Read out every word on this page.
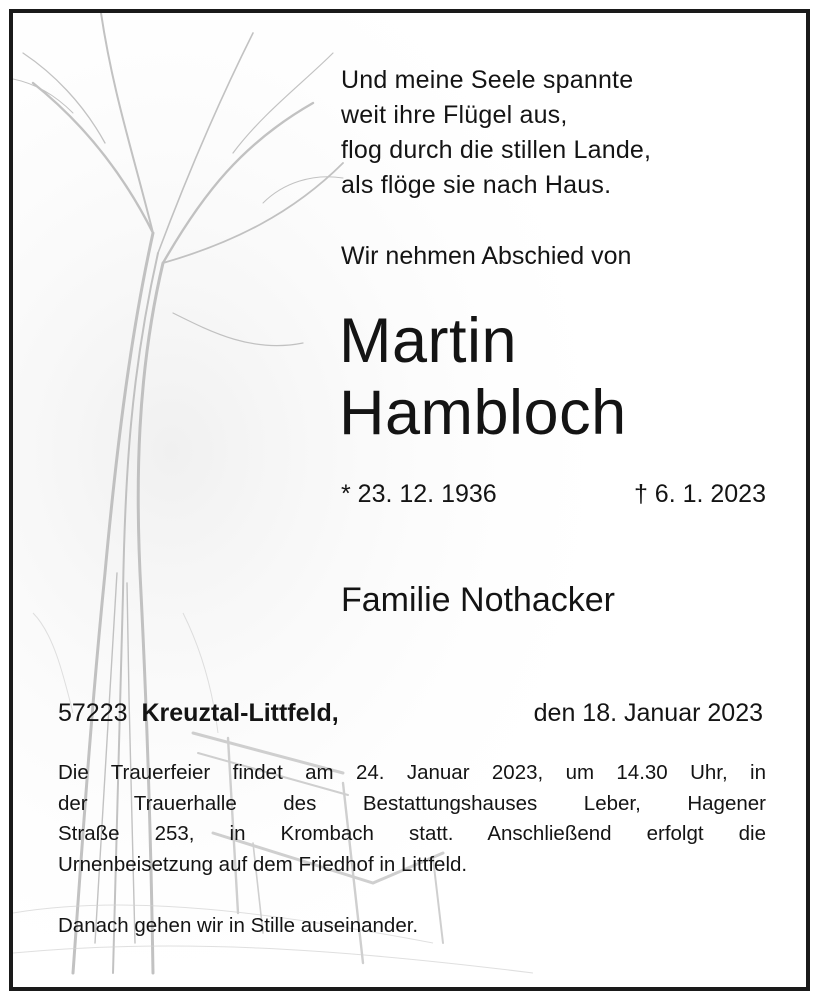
Und meine Seele spannte
weit ihre Flügel aus,
flog durch die stillen Lande,
als flöge sie nach Haus.
Wir nehmen Abschied von
Martin
Hambloch
* 23. 12. 1936	† 6. 1. 2023
Familie Nothacker
57223 Kreuztal-Littfeld,	den 18. Januar 2023
Die Trauerfeier findet am 24. Januar 2023, um 14.30 Uhr, in
der Trauerhalle des Bestattungshauses Leber, Hagener
Straße 253, in Krombach statt. Anschließend erfolgt die
Urnenbeisetzung auf dem Friedhof in Littfeld.
Danach gehen wir in Stille auseinander.
